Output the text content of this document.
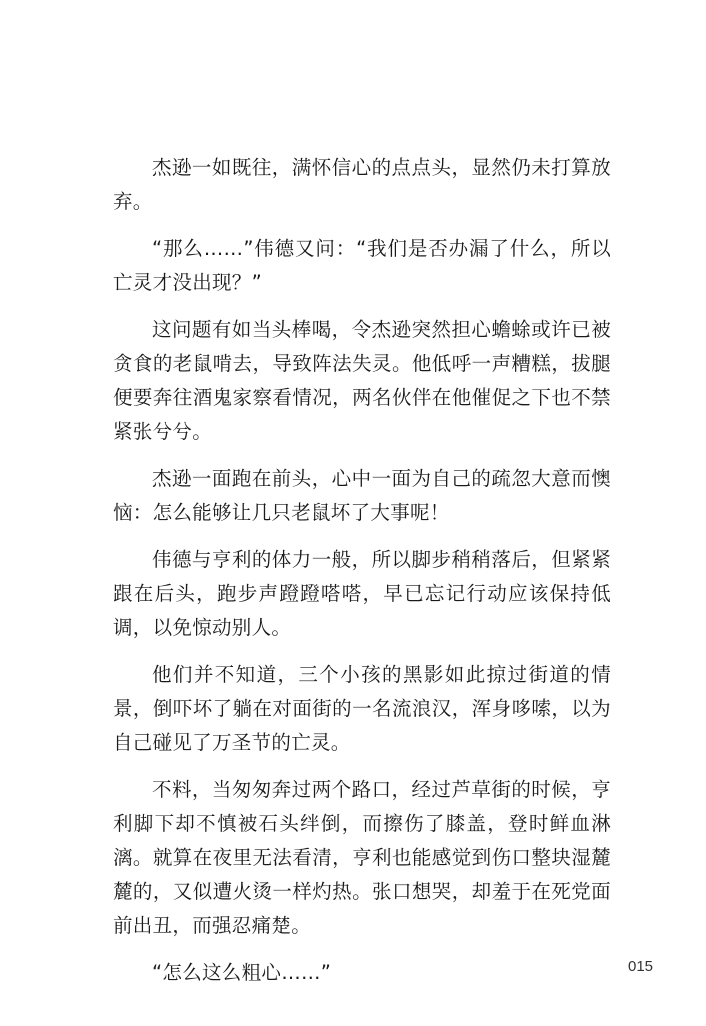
杰逊一如既往，满怀信心的点点头，显然仍未打算放弃。

“那么……”伟德又问：“我们是否办漏了什么，所以亡灵才没出现？”

这问题有如当头棒喝，令杰逊突然担心蟾蜍或许已被贪食的老鼠啃去，导致阵法失灵。他低呼一声糟糕，拔腿便要奔往酒鬼家察看情况，两名伙伴在他催促之下也不禁紧张兮兮。

杰逊一面跑在前头，心中一面为自己的疏忽大意而懊恼：怎么能够让几只老鼠坏了大事呢！

伟德与亨利的体力一般，所以脚步稍稍落后，但紧紧跟在后头，跑步声蹬蹬嗒嗒，早已忘记行动应该保持低调，以免惊动别人。

他们并不知道，三个小孩的黑影如此掠过街道的情景，倒吓坏了躺在对面街的一名流浪汉，浑身哆嗦，以为自己碰见了万圣节的亡灵。

不料，当匆匆奔过两个路口，经过芦草街的时候，亨利脚下却不慎被石头绊倒，而擦伤了膝盖，登时鲜血淋漓。就算在夜里无法看清，亨利也能感觉到伤口整块湿麓麓的，又似遭火烫一样灼热。张口想哭，却羞于在死党面前出丑，而强忍痛楚。

“怎么这么粗心……”	015
